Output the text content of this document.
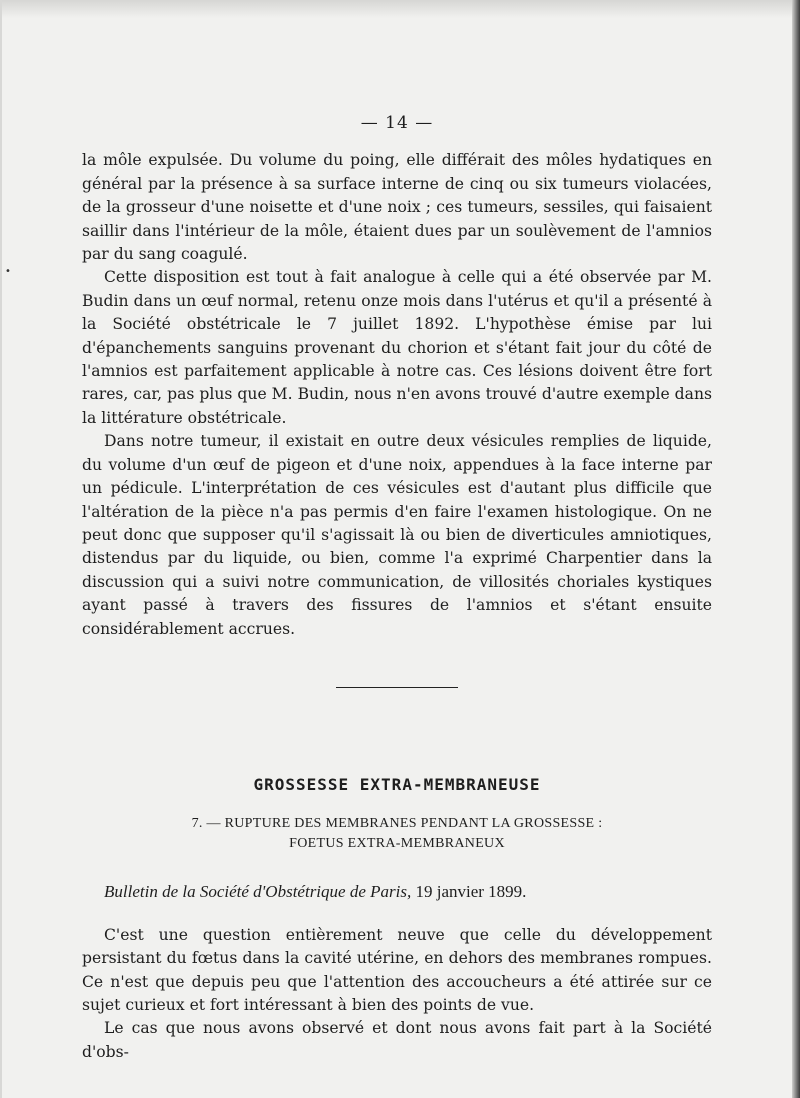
•
— 14 —

la môle expulsée. Du volume du poing, elle différait des môles hydatiques en général par la présence à sa surface interne de cinq ou six tumeurs violacées, de la grosseur d'une noisette et d'une noix ; ces tumeurs, sessiles, qui faisaient saillir dans l'intérieur de la môle, étaient dues par un soulèvement de l'amnios par du sang coagulé.

Cette disposition est tout à fait analogue à celle qui a été observée par M. Budin dans un œuf normal, retenu onze mois dans l'utérus et qu'il a présenté à la Société obstétricale le 7 juillet 1892. L'hypothèse émise par lui d'épanchements sanguins provenant du chorion et s'étant fait jour du côté de l'amnios est parfaitement applicable à notre cas. Ces lésions doivent être fort rares, car, pas plus que M. Budin, nous n'en avons trouvé d'autre exemple dans la littérature obstétricale.

Dans notre tumeur, il existait en outre deux vésicules remplies de liquide, du volume d'un œuf de pigeon et d'une noix, appendues à la face interne par un pédicule. L'interprétation de ces vésicules est d'autant plus difficile que l'altération de la pièce n'a pas permis d'en faire l'examen histologique. On ne peut donc que supposer qu'il s'agissait là ou bien de diverticules amniotiques, distendus par du liquide, ou bien, comme l'a exprimé Charpentier dans la discussion qui a suivi notre communication, de villosités choriales kystiques ayant passé à travers des fissures de l'amnios et s'étant ensuite considérablement accrues.

GROSSESSE EXTRA-MEMBRANEUSE
7. — RUPTURE DES MEMBRANES PENDANT LA GROSSESSE :
FOETUS EXTRA-MEMBRANEUX
Bulletin de la Société d'Obstétrique de Paris, 19 janvier 1899.

C'est une question entièrement neuve que celle du développement persistant du fœtus dans la cavité utérine, en dehors des membranes rompues. Ce n'est que depuis peu que l'attention des accoucheurs a été attirée sur ce sujet curieux et fort intéressant à bien des points de vue.

Le cas que nous avons observé et dont nous avons fait part à la Société d'obs-
